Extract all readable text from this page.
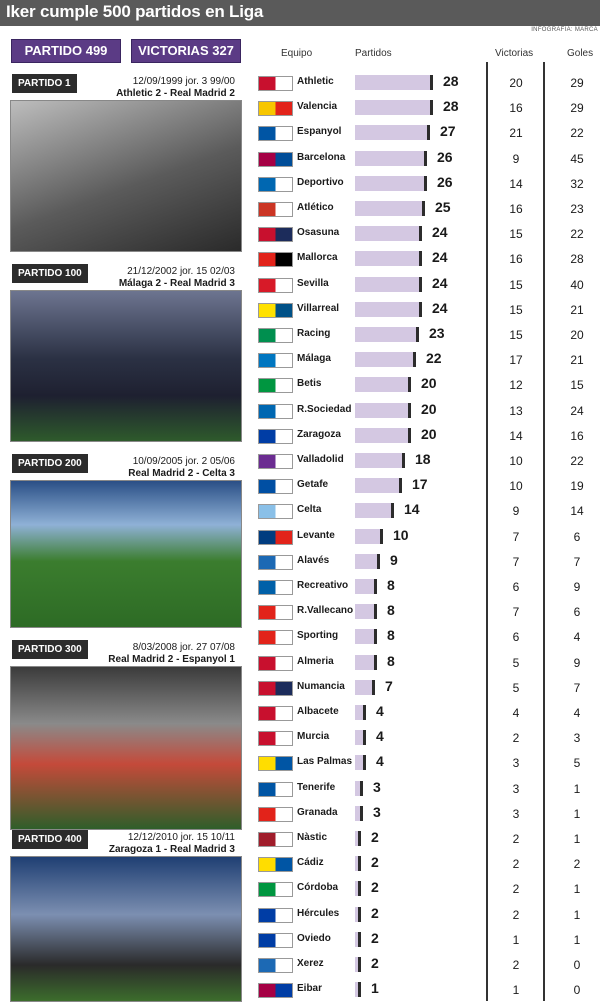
Iker cumple 500 partidos en Liga
INFOGRAFIA: MARCA
PARTIDO 499	VICTORIAS 327
PARTIDO 1	12/09/1999 jor. 3 99/00
Athletic 2 - Real Madrid 2
PARTIDO 100	21/12/2002 jor. 15 02/03
Málaga 2 - Real Madrid 3
PARTIDO 200	10/09/2005 jor. 2 05/06
Real Madrid 2 - Celta 3
PARTIDO 300	8/03/2008 jor. 27 07/08
Real Madrid 2 - Espanyol 1
PARTIDO 400	12/12/2010 jor. 15 10/11
Zaragoza 1 - Real Madrid 3
Equipo	Partidos	Victorias	Goles
Athletic	28	20	29
Valencia	28	16	29
Espanyol	27	21	22
Barcelona	26	9	45
Deportivo	26	14	32
Atlético	25	16	23
Osasuna	24	15	22
Mallorca	24	16	28
Sevilla	24	15	40
Villarreal	24	15	21
Racing	23	15	20
Málaga	22	17	21
Betis	20	12	15
R.Sociedad	20	13	24
Zaragoza	20	14	16
Valladolid	18	10	22
Getafe	17	10	19
Celta	14	9	14
Levante	10	7	6
Alavés	9	7	7
Recreativo	8	6	9
R.Vallecano 8	7	6
Sporting	8	6	4
Almeria	8	5	9
Numancia	7	5	7
Albacete	4	4	4
Murcia	4	2	3
Las Palmas 4	3	5
Tenerife	3	3	1
Granada	3	3	1
Nàstic	2	2	1
Cádiz	2	2	2
Córdoba 2	2	1
Hércules 2	2	1
Oviedo	2	1	1
Xerez	2	2	0
Eibar	1	1	0
